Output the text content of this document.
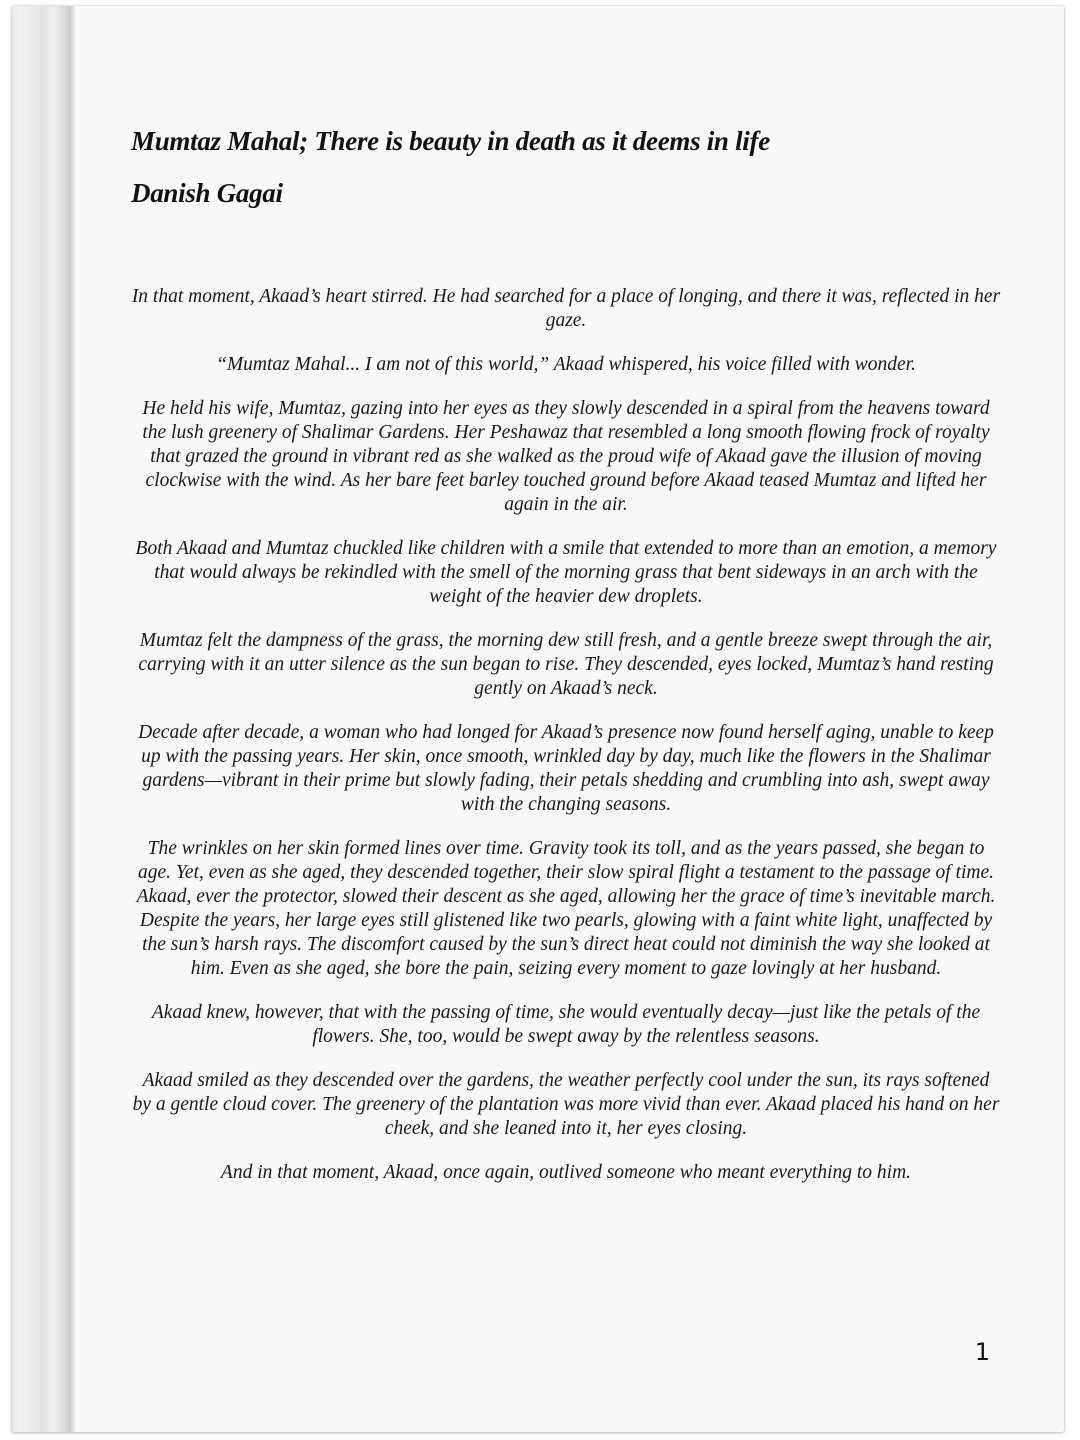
Mumtaz Mahal; There is beauty in death as it deems in life
Danish Gagai

In that moment, Akaad’s heart stirred. He had searched for a place of longing, and there it was, reflected in her gaze.

“Mumtaz Mahal... I am not of this world,” Akaad whispered, his voice filled with wonder.

He held his wife, Mumtaz, gazing into her eyes as they slowly descended in a spiral from the heavens toward the lush greenery of Shalimar Gardens. Her Peshawaz that resembled a long smooth flowing frock of royalty that grazed the ground in vibrant red as she walked as the proud wife of Akaad gave the illusion of moving clockwise with the wind. As her bare feet barley touched ground before Akaad teased Mumtaz and lifted her again in the air.

Both Akaad and Mumtaz chuckled like children with a smile that extended to more than an emotion, a memory that would always be rekindled with the smell of the morning grass that bent sideways in an arch with the weight of the heavier dew droplets.

Mumtaz felt the dampness of the grass, the morning dew still fresh, and a gentle breeze swept through the air, carrying with it an utter silence as the sun began to rise. They descended, eyes locked, Mumtaz’s hand resting gently on Akaad’s neck.

Decade after decade, a woman who had longed for Akaad’s presence now found herself aging, unable to keep up with the passing years. Her skin, once smooth, wrinkled day by day, much like the flowers in the Shalimar gardens—vibrant in their prime but slowly fading, their petals shedding and crumbling into ash, swept away with the changing seasons.

The wrinkles on her skin formed lines over time. Gravity took its toll, and as the years passed, she began to age. Yet, even as she aged, they descended together, their slow spiral flight a testament to the passage of time. Akaad, ever the protector, slowed their descent as she aged, allowing her the grace of time’s inevitable march. Despite the years, her large eyes still glistened like two pearls, glowing with a faint white light, unaffected by the sun’s harsh rays. The discomfort caused by the sun’s direct heat could not diminish the way she looked at him. Even as she aged, she bore the pain, seizing every moment to gaze lovingly at her husband.

Akaad knew, however, that with the passing of time, she would eventually decay—just like the petals of the flowers. She, too, would be swept away by the relentless seasons.

Akaad smiled as they descended over the gardens, the weather perfectly cool under the sun, its rays softened by a gentle cloud cover. The greenery of the plantation was more vivid than ever. Akaad placed his hand on her cheek, and she leaned into it, her eyes closing.

And in that moment, Akaad, once again, outlived someone who meant everything to him.

1
